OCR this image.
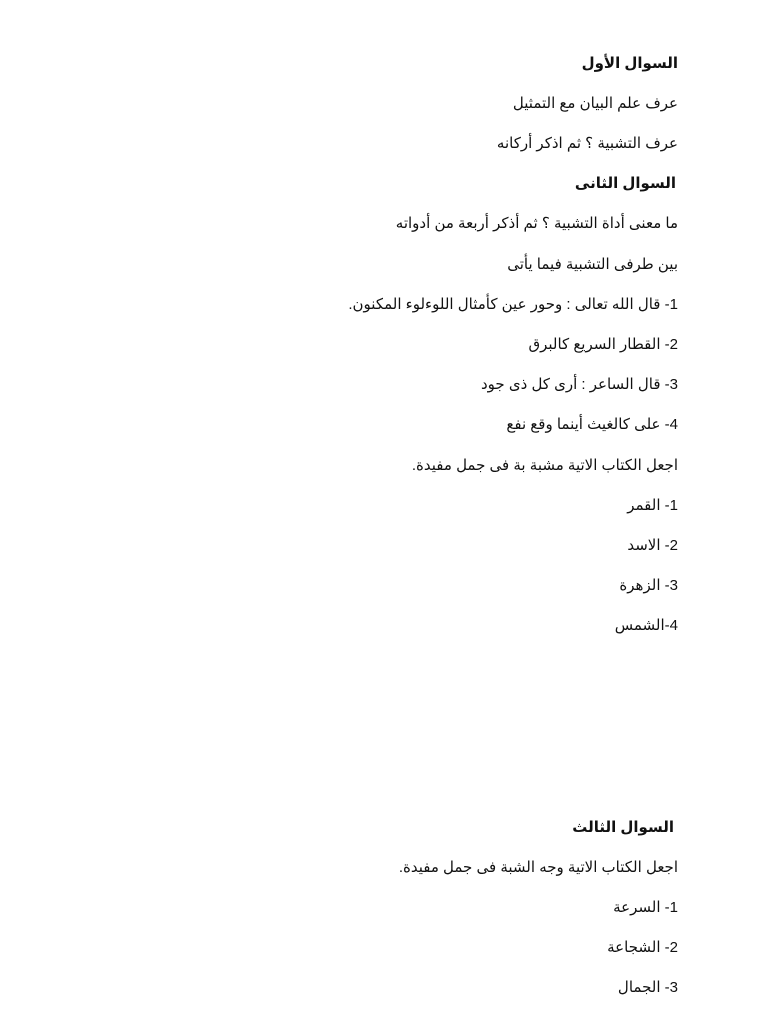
السوال الأول
عرف علم البيان مع التمثيل
عرف التشبية ؟ ثم اذكر أركانه
السوال الثانى
ما معنى أداة التشبية ؟ ثم أذكر أربعة من أدواته
بين طرفى التشبية فيما يأتى
1- قال الله تعالى : وحور عين كأمثال اللوءلوء المكنون.
2- القطار السريع كالبرق
3- قال الساعر : أرى كل ذى جود
4- على كالغيث أينما وقع نفع
اجعل الكتاب الاتية مشبة بة فى جمل مفيدة.
1- القمر
2- الاسد
3- الزهرة
4-الشمس
السوال الثالث
اجعل الكتاب الاتية وجه الشبة فى جمل مفيدة.
1- السرعة
2- الشجاعة
3- الجمال
